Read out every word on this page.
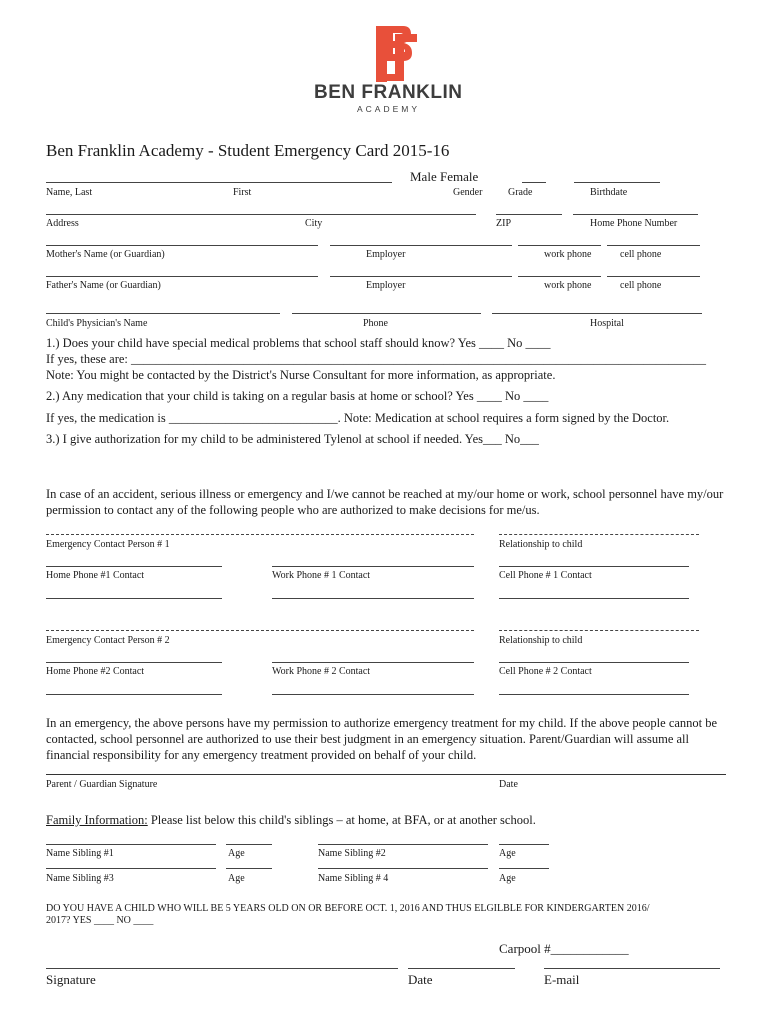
BEN FRANKLIN
ACADEMY
Ben Franklin Academy - Student Emergency Card 2015-16
Male Female
Name, Last	First	Gender	Grade	Birthdate
Address	City	ZIP	Home Phone Number
Mother's Name (or Guardian)	Employer	work phone	cell phone
Father's Name (or Guardian)	Employer	work phone	cell phone
Child's Physician's Name	Phone	Hospital
1.) Does your child have special medical problems that school staff should know? Yes ____ No ____
If yes, these are: ____________________________________________________________________________________________
Note: You might be contacted by the District's Nurse Consultant for more information, as appropriate.
2.) Any medication that your child is taking on a regular basis at home or school? Yes ____ No ____
If yes, the medication is ___________________________. Note: Medication at school requires a form signed by the Doctor.
3.) I give authorization for my child to be administered Tylenol at school if needed. Yes___ No___
In case of an accident, serious illness or emergency and I/we cannot be reached at my/our home or work, school personnel have my/our permission to contact any of the following people who are authorized to make decisions for me/us.
Emergency Contact Person # 1	Relationship to child
Home Phone #1 Contact	Work Phone # 1 Contact	Cell Phone # 1 Contact
Emergency Contact Person # 2	Relationship to child
Home Phone #2 Contact	Work Phone # 2 Contact	Cell Phone # 2 Contact
In an emergency, the above persons have my permission to authorize emergency treatment for my child. If the above people cannot be contacted, school personnel are authorized to use their best judgment in an emergency situation. Parent/Guardian will assume all financial responsibility for any emergency treatment provided on behalf of your child.
Parent / Guardian Signature	Date
Family Information: Please list below this child's siblings – at home, at BFA, or at another school.
Name Sibling #1	Age	Name Sibling #2	Age
Name Sibling #3	Age	Name Sibling # 4	Age
DO YOU HAVE A CHILD WHO WILL BE 5 YEARS OLD ON OR BEFORE OCT. 1, 2016 AND THUS ELGILBLE FOR KINDERGARTEN 2016/
2017? YES ____ NO ____
Carpool #____________
Signature	Date	E-mail
